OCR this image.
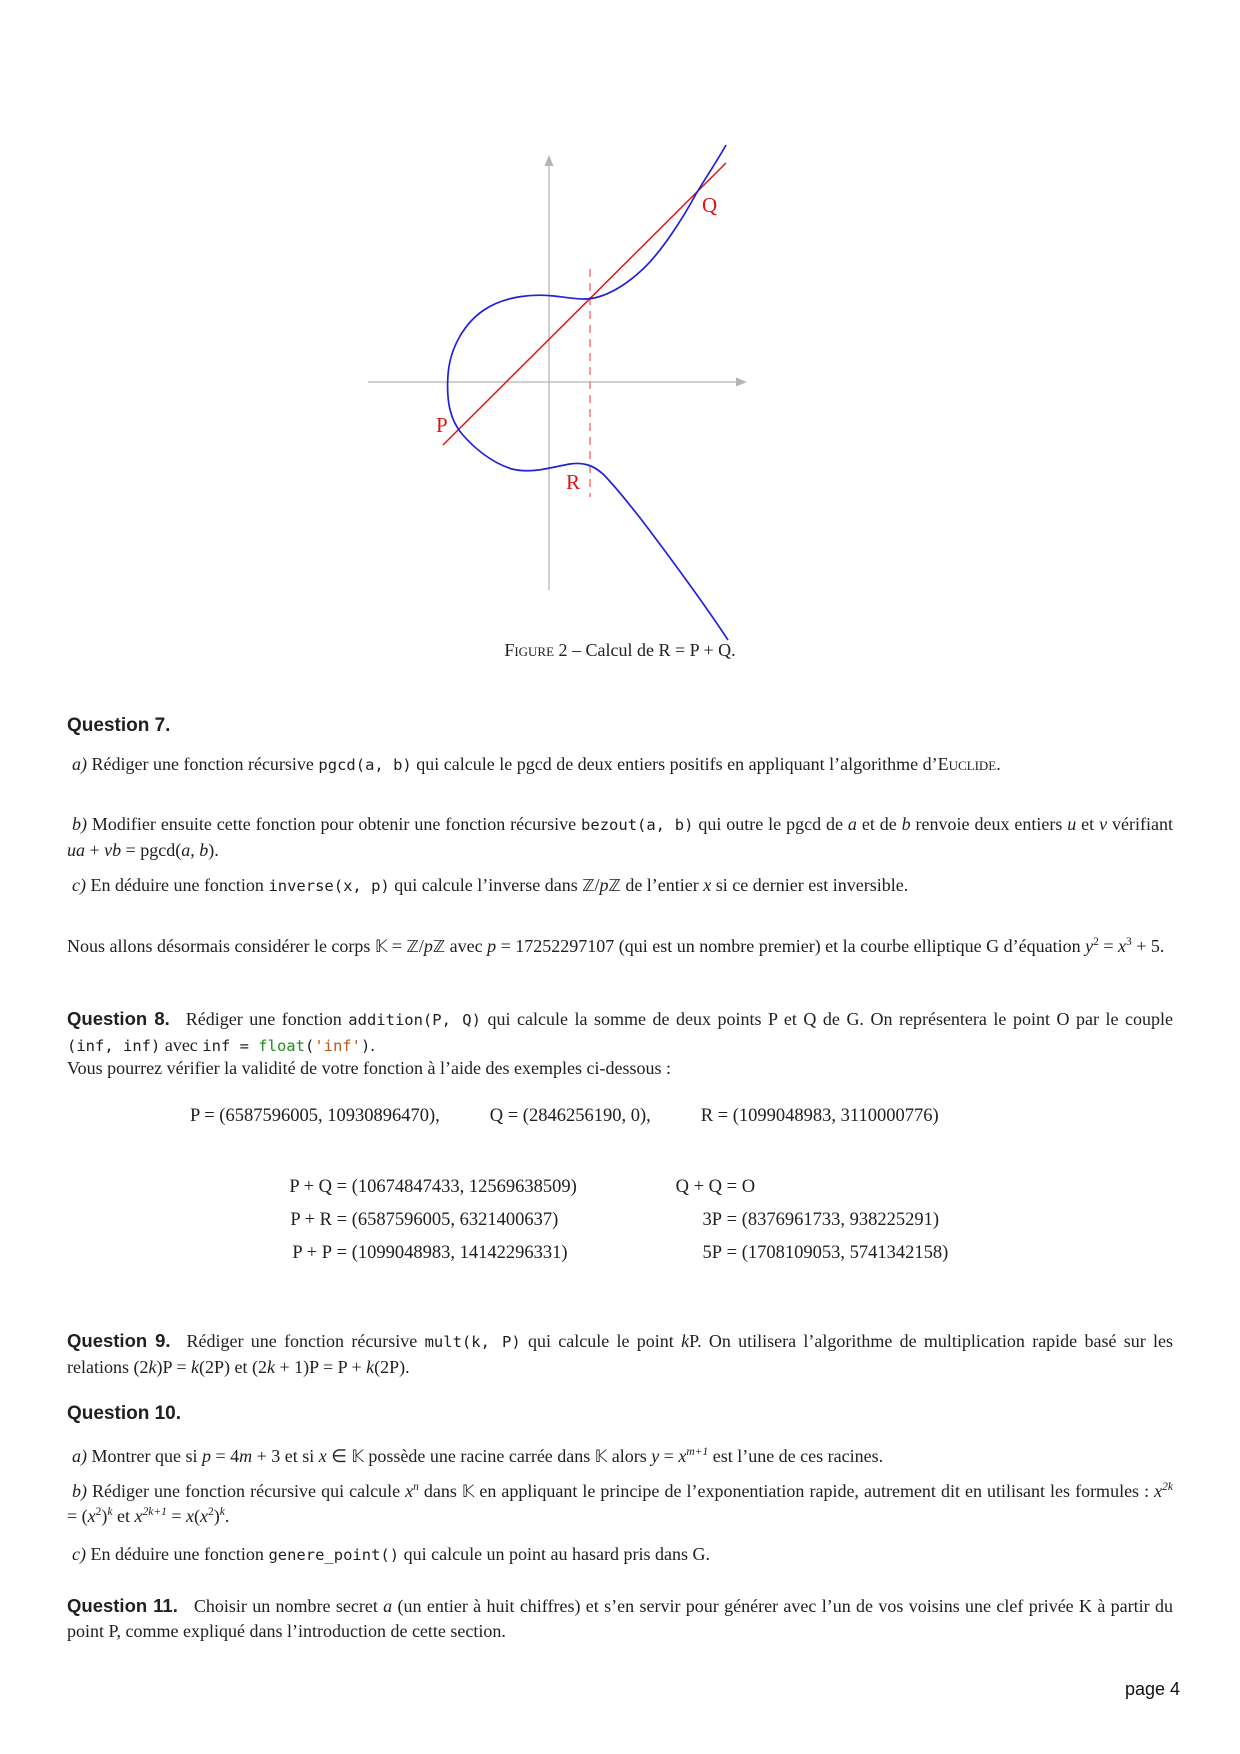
P
Q
R
Figure 2 – Calcul de R = P + Q.
Question 7.
a) Rédiger une fonction récursive pgcd(a, b) qui calcule le pgcd de deux entiers positifs en appliquant l’algorithme d’Euclide.
b) Modifier ensuite cette fonction pour obtenir une fonction récursive bezout(a, b) qui outre le pgcd de a et de b renvoie deux entiers u et v vérifiant ua + vb = pgcd(a, b).
c) En déduire une fonction inverse(x, p) qui calcule l’inverse dans ℤ/pℤ de l’entier x si ce dernier est inversible.
Nous allons désormais considérer le corps 𝕂 = ℤ/pℤ avec p = 17252297107 (qui est un nombre premier) et la courbe elliptique G d’équation $y^2 = x^3 + 5$.
Question 8. Rédiger une fonction addition(P, Q) qui calcule la somme de deux points P et Q de G. On représentera le point O par le couple (inf, inf) avec inf = float('inf').
Vous pourrez vérifier la validité de votre fonction à l’aide des exemples ci-dessous :
P = (6587596005, 10930896470),	Q = (2846256190, 0),	R = (1099048983, 3110000776)
P + Q = (10674847433, 12569638509)
P + R = (6587596005, 6321400637)
P + P = (1099048983, 14142296331)
Q + Q = O
3P = (8376961733, 938225291)
5P = (1708109053, 5741342158)
Question 9. Rédiger une fonction récursive mult(k, P) qui calcule le point kP. On utilisera l’algorithme de multiplication rapide basé sur les relations (2k)P = k(2P) et (2k + 1)P = P + k(2P).
Question 10.
a) Montrer que si p = 4m + 3 et si x ∈ 𝕂 possède une racine carrée dans 𝕂 alors $y = x^{m+1}$ est l’une de ces racines.
b) Rédiger une fonction récursive qui calcule $x^n$ dans 𝕂 en appliquant le principe de l’exponentiation rapide, autrement dit en utilisant les formules : $x^{2k} = (x^2)^k$ et $x^{2k+1} = x(x^2)^k$.
c) En déduire une fonction genere_point() qui calcule un point au hasard pris dans G.
Question 11. Choisir un nombre secret a (un entier à huit chiffres) et s’en servir pour générer avec l’un de vos voisins une clef privée K à partir du point P, comme expliqué dans l’introduction de cette section.
page 4
